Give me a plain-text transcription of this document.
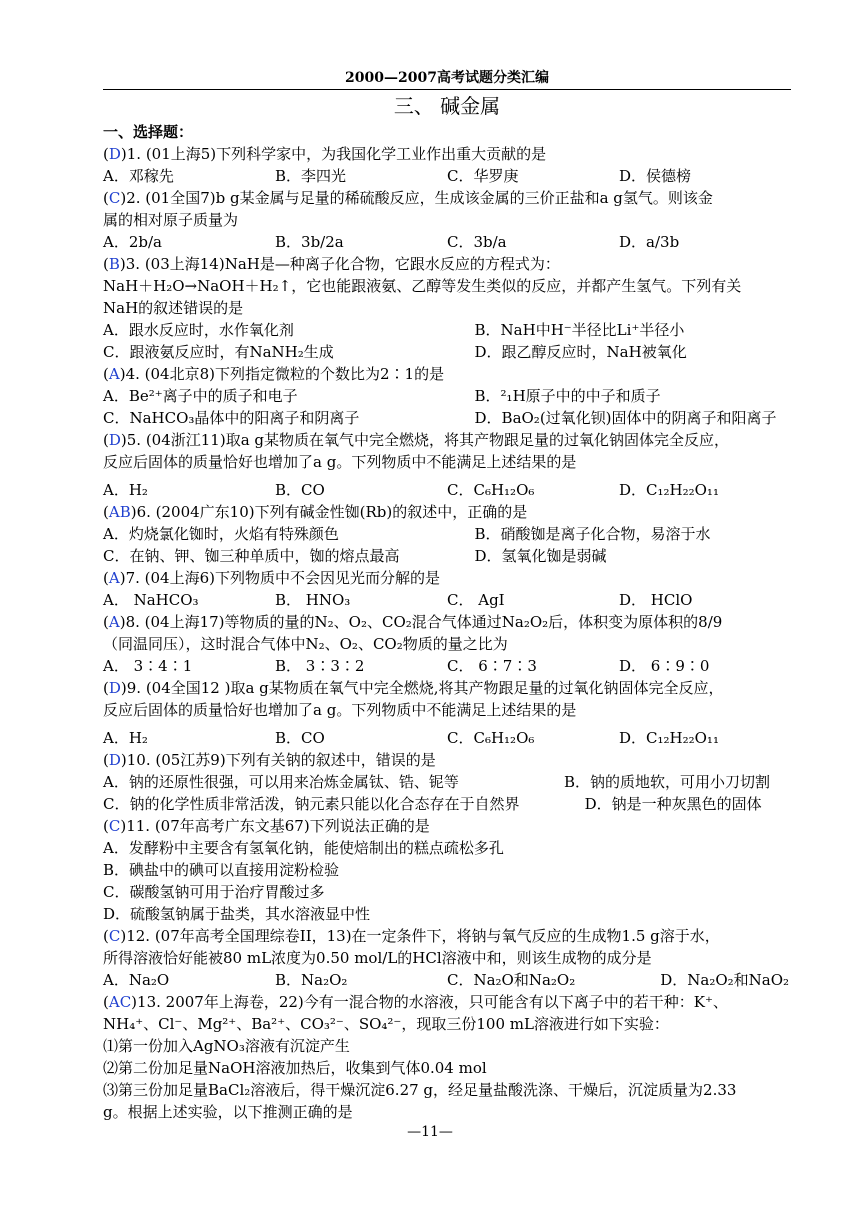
2000—2007高考试题分类汇编
三、 碱金属
一、选择题：
(D)1. (01上海5)下列科学家中，为我国化学工业作出重大贡献的是
A．邓稼先	B．李四光	C．华罗庚	D．侯德榜
(C)2. (01全国7)b g某金属与足量的稀硫酸反应，生成该金属的三价正盐和a g氢气。则该金
属的相对原子质量为
A．2b/a	B．3b/2a	C．3b/a	D．a/3b
(B)3. (03上海14)NaH是—种离子化合物，它跟水反应的方程式为：
NaH＋H₂O→NaOH＋H₂↑，它也能跟液氨、乙醇等发生类似的反应，并都产生氢气。下列有关
NaH的叙述错误的是
A．跟水反应时，水作氧化剂	B．NaH中H⁻半径比Li⁺半径小
C．跟液氨反应时，有NaNH₂生成	D．跟乙醇反应时，NaH被氧化
(A)4. (04北京8)下列指定微粒的个数比为2∶1的是
A．Be²⁺离子中的质子和电子	B．²₁H原子中的中子和质子
C．NaHCO₃晶体中的阳离子和阴离子	D．BaO₂(过氧化钡)固体中的阴离子和阳离子
(D)5. (04浙江11)取a g某物质在氧气中完全燃烧，将其产物跟足量的过氧化钠固体完全反应，
反应后固体的质量恰好也增加了a g。下列物质中不能满足上述结果的是
A．H₂	B．CO	C．C₆H₁₂O₆	D．C₁₂H₂₂O₁₁
(AB)6. (2004广东10)下列有碱金性铷(Rb)的叙述中，正确的是
A．灼烧氯化铷时，火焰有特殊颜色	B．硝酸铷是离子化合物，易溶于水
C．在钠、钾、铷三种单质中，铷的熔点最高	D．氢氧化铷是弱碱
(A)7. (04上海6)下列物质中不会因见光而分解的是
A． NaHCO₃	B． HNO₃	C． AgI	D． HClO
(A)8. (04上海17)等物质的量的N₂、O₂、CO₂混合气体通过Na₂O₂后，体积变为原体积的8/9
（同温同压），这时混合气体中N₂、O₂、CO₂物质的量之比为
A． 3∶4∶1	B． 3∶3∶2	C． 6∶7∶3	D． 6∶9∶0
(D)9. (04全国12 )取a g某物质在氧气中完全燃烧,将其产物跟足量的过氧化钠固体完全反应，
反应后固体的质量恰好也增加了a g。下列物质中不能满足上述结果的是
A．H₂	B．CO	C．C₆H₁₂O₆	D．C₁₂H₂₂O₁₁
(D)10. (05江苏9)下列有关钠的叙述中，错误的是
A．钠的还原性很强，可以用来冶炼金属钛、锆、铌等	B．钠的质地软，可用小刀切割
C．钠的化学性质非常活泼，钠元素只能以化合态存在于自然界	D．钠是一种灰黑色的固体
(C)11. (07年高考广东文基67)下列说法正确的是
A．发酵粉中主要含有氢氧化钠，能使焙制出的糕点疏松多孔
B．碘盐中的碘可以直接用淀粉检验
C．碳酸氢钠可用于治疗胃酸过多
D．硫酸氢钠属于盐类，其水溶液显中性
(C)12. (07年高考全国理综卷II，13)在一定条件下，将钠与氧气反应的生成物1.5 g溶于水，
所得溶液恰好能被80 mL浓度为0.50 mol/L的HCl溶液中和，则该生成物的成分是
A．Na₂O	B．Na₂O₂	C．Na₂O和Na₂O₂	D．Na₂O₂和NaO₂
(AC)13. 2007年上海卷，22)今有一混合物的水溶液，只可能含有以下离子中的若干种：K⁺、
NH₄⁺、Cl⁻、Mg²⁺、Ba²⁺、CO₃²⁻、SO₄²⁻，现取三份100 mL溶液进行如下实验：
⑴第一份加入AgNO₃溶液有沉淀产生
⑵第二份加足量NaOH溶液加热后，收集到气体0.04 mol
⑶第三份加足量BaCl₂溶液后，得干燥沉淀6.27 g，经足量盐酸洗涤、干燥后，沉淀质量为2.33
g。根据上述实验，以下推测正确的是
—11—
